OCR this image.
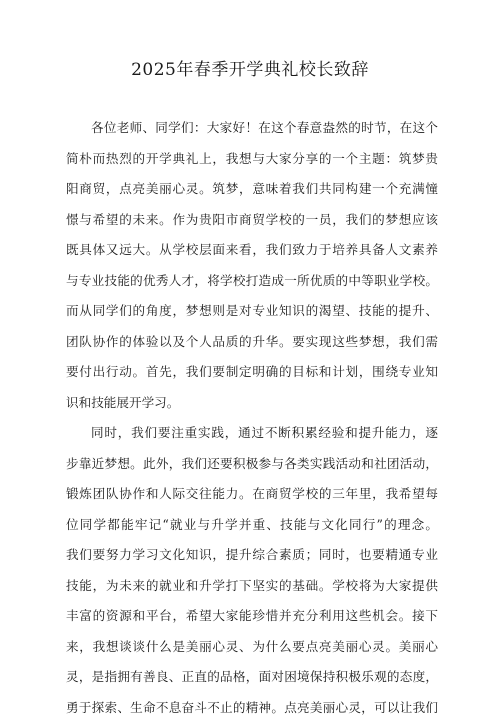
2025年春季开学典礼校长致辞
各位老师、同学们：大家好！在这个春意盎然的时节，在这个
简朴而热烈的开学典礼上，我想与大家分享的一个主题：筑梦贵
阳商贸，点亮美丽心灵。筑梦，意味着我们共同构建一个充满憧
憬与希望的未来。作为贵阳市商贸学校的一员，我们的梦想应该
既具体又远大。从学校层面来看，我们致力于培养具备人文素养
与专业技能的优秀人才，将学校打造成一所优质的中等职业学校。
而从同学们的角度，梦想则是对专业知识的渴望、技能的提升、
团队协作的体验以及个人品质的升华。要实现这些梦想，我们需
要付出行动。首先，我们要制定明确的目标和计划，围绕专业知
识和技能展开学习。
同时，我们要注重实践，通过不断积累经验和提升能力，逐
步靠近梦想。此外，我们还要积极参与各类实践活动和社团活动，
锻炼团队协作和人际交往能力。在商贸学校的三年里，我希望每
位同学都能牢记“就业与升学并重、技能与文化同行”的理念。
我们要努力学习文化知识，提升综合素质；同时，也要精通专业
技能，为未来的就业和升学打下坚实的基础。学校将为大家提供
丰富的资源和平台，希望大家能珍惜并充分利用这些机会。接下
来，我想谈谈什么是美丽心灵、为什么要点亮美丽心灵。美丽心
灵，是指拥有善良、正直的品格，面对困境保持积极乐观的态度，
勇于探索、生命不息奋斗不止的精神。点亮美丽心灵，可以让我们
